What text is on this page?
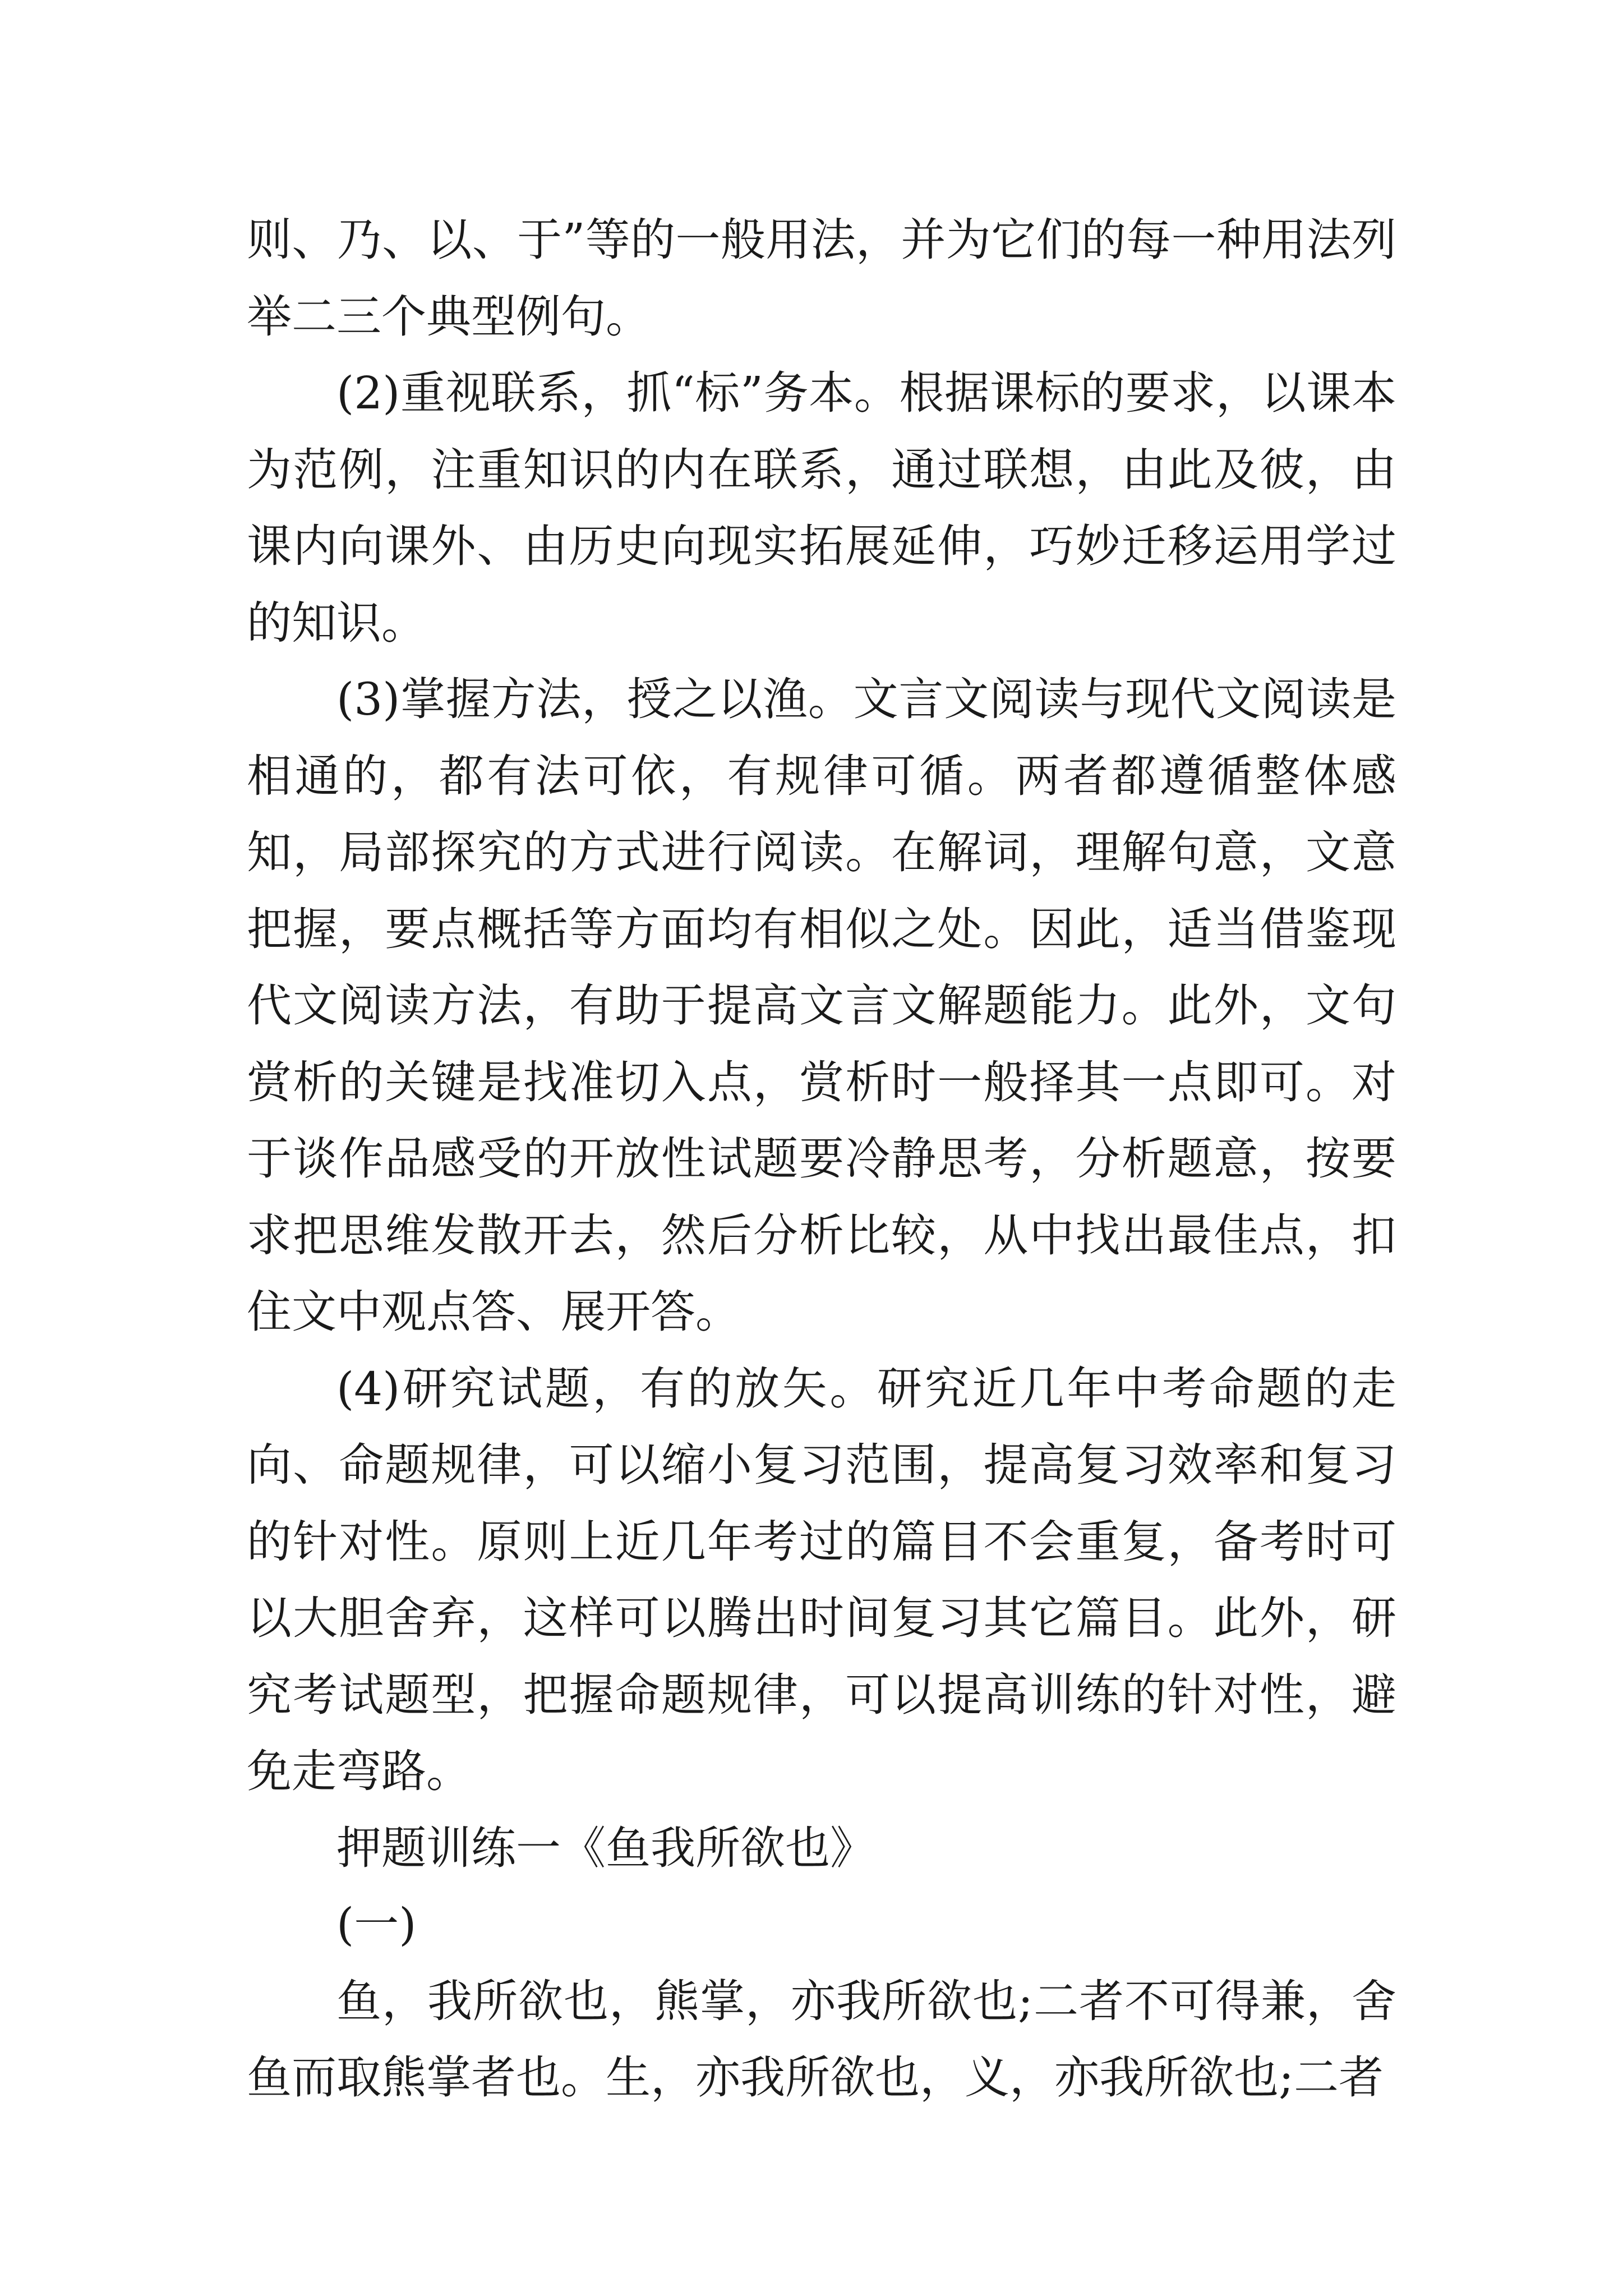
则、乃、以、于”等的一般用法，并为它们的每一种用法列举二三个典型例句。

(2)重视联系，抓“标”务本。根据课标的要求，以课本为范例，注重知识的内在联系，通过联想，由此及彼，由课内向课外、由历史向现实拓展延伸，巧妙迁移运用学过的知识。

(3)掌握方法，授之以渔。文言文阅读与现代文阅读是相通的，都有法可依，有规律可循。两者都遵循整体感知，局部探究的方式进行阅读。在解词，理解句意，文意把握，要点概括等方面均有相似之处。因此，适当借鉴现代文阅读方法，有助于提高文言文解题能力。此外，文句赏析的关键是找准切入点，赏析时一般择其一点即可。对于谈作品感受的开放性试题要冷静思考，分析题意，按要求把思维发散开去，然后分析比较，从中找出最佳点，扣住文中观点答、展开答。

(4)研究试题，有的放矢。研究近几年中考命题的走向、命题规律，可以缩小复习范围，提高复习效率和复习的针对性。原则上近几年考过的篇目不会重复，备考时可以大胆舍弃，这样可以腾出时间复习其它篇目。此外，研究考试题型，把握命题规律，可以提高训练的针对性，避免走弯路。

押题训练一《鱼我所欲也》

(一)

鱼，我所欲也，熊掌，亦我所欲也;二者不可得兼，舍鱼而取熊掌者也。生，亦我所欲也，义，亦我所欲也;二者
